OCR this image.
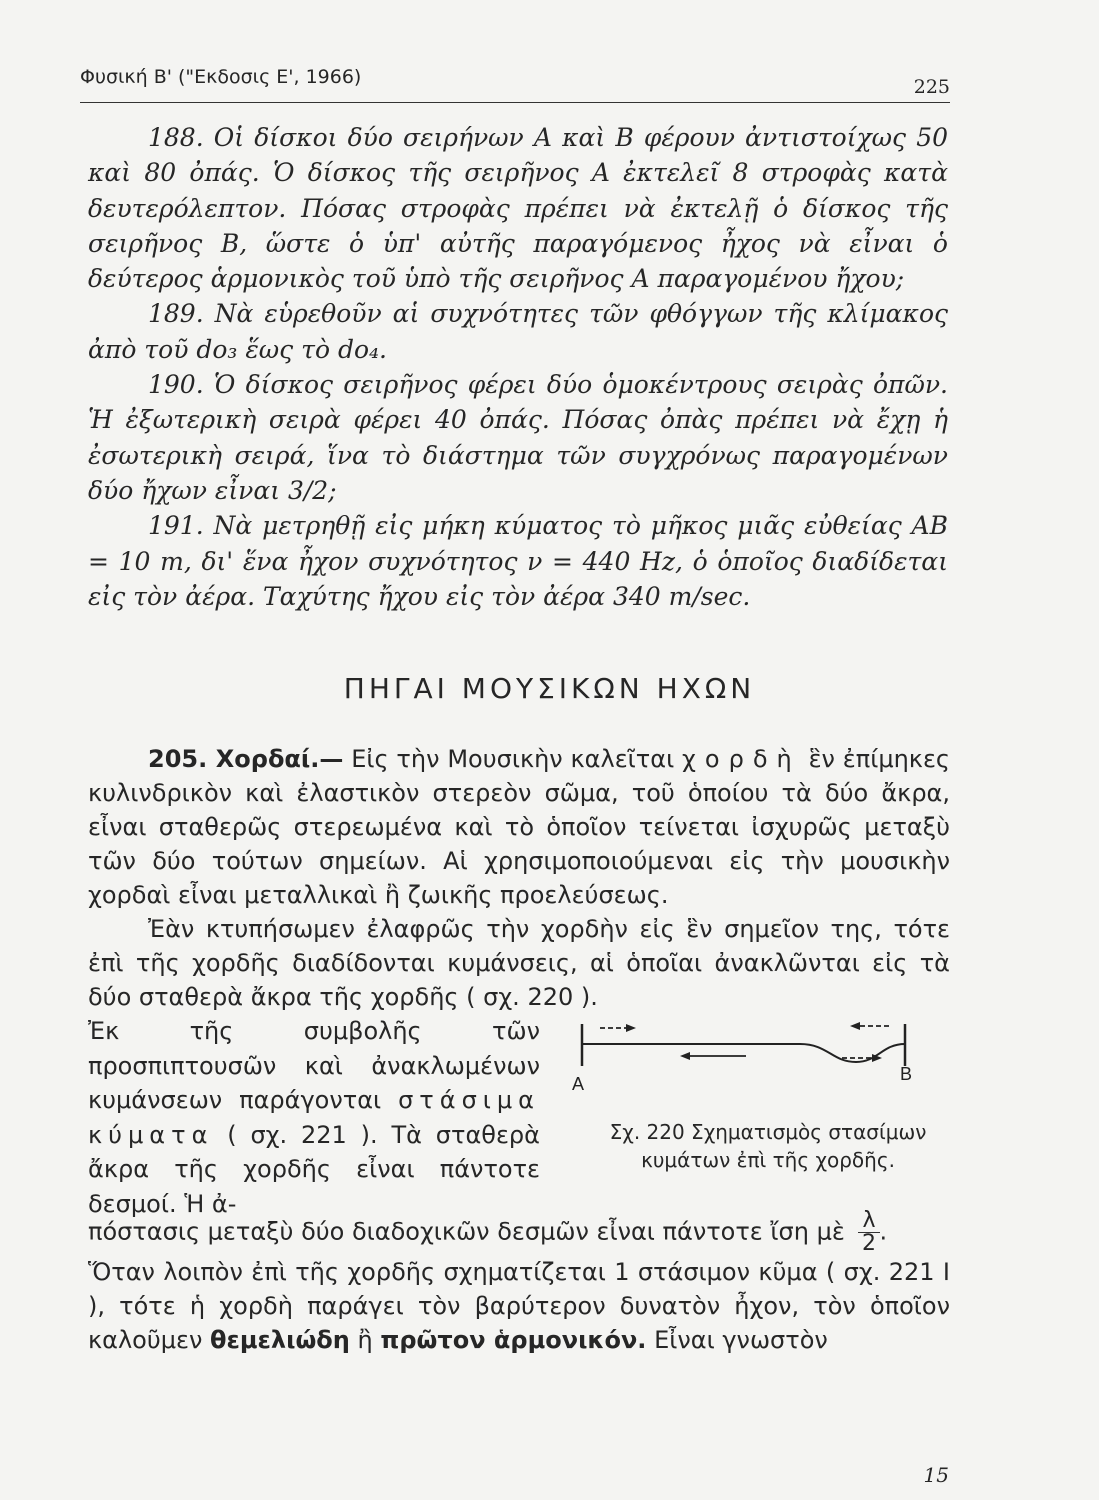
Φυσική Β' ("Εκδοσις Ε', 1966)	225

188. Οἱ δίσκοι δύο σειρήνων Α καὶ Β φέρουν ἀντιστοίχως 50 καὶ 80 ὀπάς. Ὁ δίσκος τῆς σειρῆνος Α ἐκτελεῖ 8 στροφὰς κατὰ δευτερόλεπτον. Πόσας στροφὰς πρέπει νὰ ἐκτελῇ ὁ δίσκος τῆς σειρῆνος Β, ὥστε ὁ ὑπ' αὐτῆς παραγόμενος ἦχος νὰ εἶναι ὁ δεύτερος ἁρμονικὸς τοῦ ὑπὸ τῆς σειρῆνος Α παραγομένου ἤχου;

189. Νὰ εὑρεθοῦν αἱ συχνότητες τῶν φθόγγων τῆς κλίμακος ἀπὸ τοῦ do₃ ἕως τὸ do₄.

190. Ὁ δίσκος σειρῆνος φέρει δύο ὁμοκέντρους σειρὰς ὀπῶν. Ἡ ἐξωτερικὴ σειρὰ φέρει 40 ὀπάς. Πόσας ὀπὰς πρέπει νὰ ἔχῃ ἡ ἐσωτερικὴ σειρά, ἵνα τὸ διάστημα τῶν συγχρόνως παραγομένων δύο ἤχων εἶναι 3/2;

191. Νὰ μετρηθῇ εἰς μήκη κύματος τὸ μῆκος μιᾶς εὐθείας ΑΒ = 10 m, δι' ἕνα ἦχον συχνότητος ν = 440 Hz, ὁ ὁποῖος διαδίδεται εἰς τὸν ἀέρα. Ταχύτης ἤχου εἰς τὸν ἀέρα 340 m/sec.

ΠΗΓΑΙ ΜΟΥΣΙΚΩΝ ΗΧΩΝ

205. Χορδαί.— Εἰς τὴν Μουσικὴν καλεῖται χορδὴ ἓν ἐπίμηκες κυλινδρικὸν καὶ ἐλαστικὸν στερεὸν σῶμα, τοῦ ὁποίου τὰ δύο ἄκρα, εἶναι σταθερῶς στερεωμένα καὶ τὸ ὁποῖον τείνεται ἰσχυρῶς μεταξὺ τῶν δύο τούτων σημείων. Αἱ χρησιμοποιούμεναι εἰς τὴν μουσικὴν χορδαὶ εἶναι μεταλλικαὶ ἢ ζωικῆς προελεύσεως.

Ἐὰν κτυπήσωμεν ἐλαφρῶς τὴν χορδὴν εἰς ἓν σημεῖον της, τότε ἐπὶ τῆς χορδῆς διαδίδονται κυμάνσεις, αἱ ὁποῖαι ἀνακλῶνται εἰς τὰ δύο σταθερὰ ἄκρα τῆς χορδῆς ( σχ. 220 ).

Ἐκ τῆς συμβολῆς τῶν προσπιπτουσῶν καὶ ἀνακλωμένων κυμάνσεων παράγονται στάσιμα κύματα ( σχ. 221 ). Τὰ σταθερὰ ἄκρα τῆς χορδῆς εἶναι πάντοτε δεσμοί. Ἡ ἀ-

A	B
Σχ. 220 Σχηματισμὸς στασίμων
κυμάτων ἐπὶ τῆς χορδῆς.

πόστασις μεταξὺ δύο διαδοχικῶν δεσμῶν εἶναι πάντοτε ἴση μὲ $\frac{\lambda}{2}$ .

Ὅταν λοιπὸν ἐπὶ τῆς χορδῆς σχηματίζεται 1 στάσιμον κῦμα ( σχ. 221 Ι ), τότε ἡ χορδὴ παράγει τὸν βαρύτερον δυνατὸν ἦχον, τὸν ὁποῖον καλοῦμεν θεμελιώδη ἢ πρῶτον ἁρμονικόν. Εἶναι γνωστὸν

15
